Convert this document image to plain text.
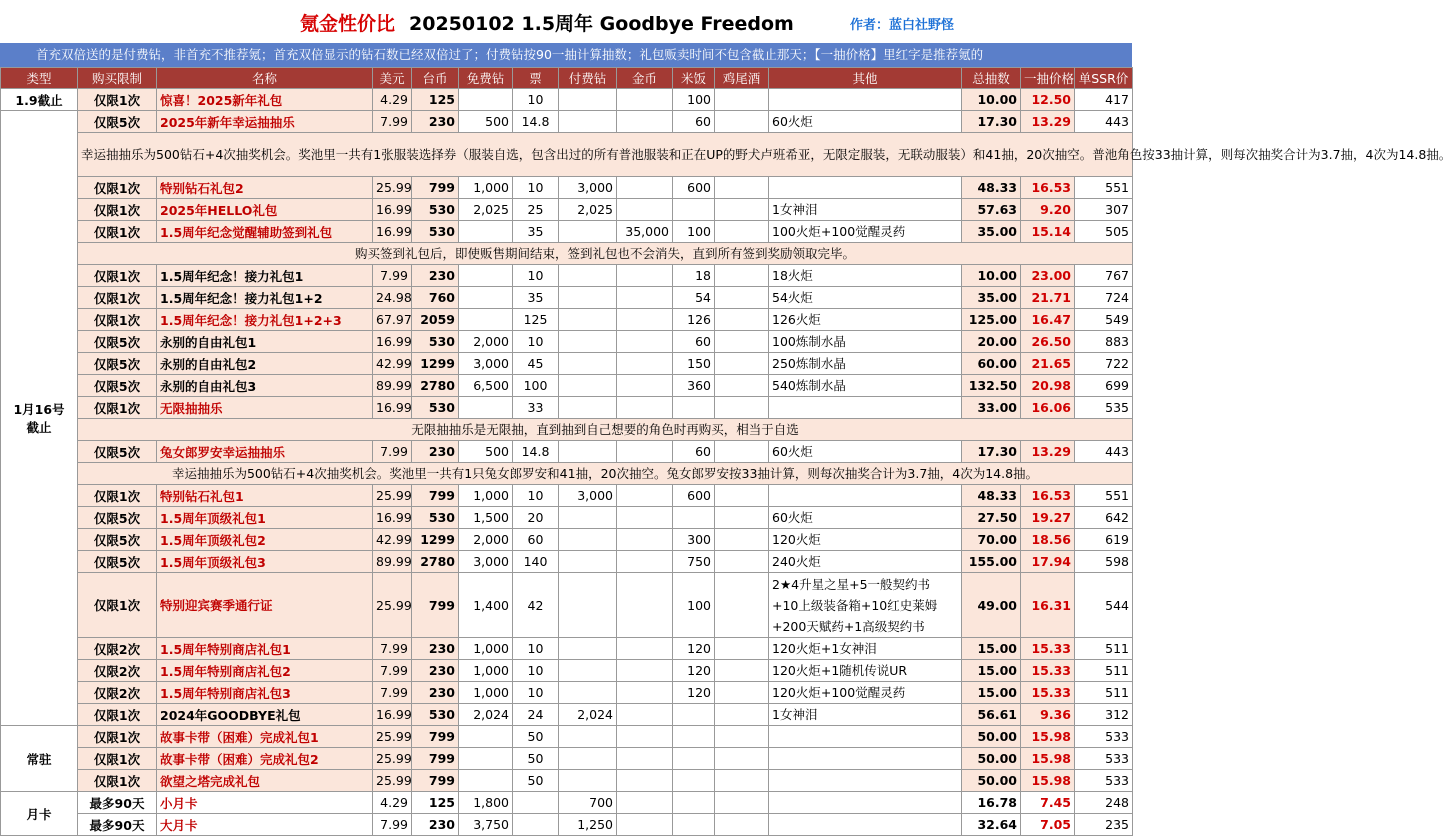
氪金性价比 20250102 1.5周年 Goodbye Freedom	作者：蓝白社野怪
首充双倍送的是付费钻，非首充不推荐氪；首充双倍显示的钻石数已经双倍过了；付费钻按90一抽计算抽数；礼包贩卖时间不包含截止那天；【一抽价格】里红字是推荐氪的
类型	购买限制	名称	美元	台币	免费钻	票	付费钻	金币	米饭	鸡尾酒	其他	总抽数	一抽价格	单SSR价
1.9截止	仅限1次	惊喜！2025新年礼包	4.29	125		10			100			10.00	12.50	417
1月16号
截止	仅限5次	2025年新年幸运抽抽乐	7.99	230	500	14.8			60		60火炬	17.30	13.29	443
	幸运抽抽乐为500钻石+4次抽奖机会。奖池里一共有1张服装选择券（服装自选，包含出过的所有普池服装和正在UP的野犬卢班希亚，无限定服装，无联动服装）和41抽，20次抽空。普池角色按33抽计算，则每次抽奖合计为3.7抽，4次为14.8抽。													
	仅限1次	特别钻石礼包2	25.99	799	1,000	10	3,000		600			48.33	16.53	551
	仅限1次	2025年HELLO礼包	16.99	530	2,025	25	2,025				1女神泪	57.63	9.20	307
	仅限1次	1.5周年纪念觉醒辅助签到礼包	16.99	530		35		35,000	100		100火炬+100觉醒灵药	35.00	15.14	505
	购买签到礼包后，即使贩售期间结束，签到礼包也不会消失，直到所有签到奖励领取完毕。													
	仅限1次	1.5周年纪念！接力礼包1	7.99	230		10			18		18火炬	10.00	23.00	767
	仅限1次	1.5周年纪念！接力礼包1+2	24.98	760		35			54		54火炬	35.00	21.71	724
	仅限1次	1.5周年纪念！接力礼包1+2+3	67.97	2059		125			126		126火炬	125.00	16.47	549
	仅限5次	永别的自由礼包1	16.99	530	2,000	10			60		100炼制水晶	20.00	26.50	883
	仅限5次	永别的自由礼包2	42.99	1299	3,000	45			150		250炼制水晶	60.00	21.65	722
	仅限5次	永别的自由礼包3	89.99	2780	6,500	100			360		540炼制水晶	132.50	20.98	699
	仅限1次	无限抽抽乐	16.99	530		33						33.00	16.06	535
	无限抽抽乐是无限抽，直到抽到自己想要的角色时再购买，相当于自选													
	仅限5次	兔女郎罗安幸运抽抽乐	7.99	230	500	14.8			60		60火炬	17.30	13.29	443
	幸运抽抽乐为500钻石+4次抽奖机会。奖池里一共有1只兔女郎罗安和41抽，20次抽空。兔女郎罗安按33抽计算，则每次抽奖合计为3.7抽，4次为14.8抽。													
	仅限1次	特别钻石礼包1	25.99	799	1,000	10	3,000		600			48.33	16.53	551
	仅限5次	1.5周年顶级礼包1	16.99	530	1,500	20					60火炬	27.50	19.27	642
	仅限5次	1.5周年顶级礼包2	42.99	1299	2,000	60			300		120火炬	70.00	18.56	619
	仅限5次	1.5周年顶级礼包3	89.99	2780	3,000	140			750		240火炬	155.00	17.94	598
	仅限1次	特别迎宾赛季通行证	25.99	799	1,400	42			100		2★4升星之星+5一般契约书
+10上级装备箱+10红史莱姆
+200天赋药+1高级契约书	49.00	16.31	544
	仅限2次	1.5周年特别商店礼包1	7.99	230	1,000	10			120		120火炬+1女神泪	15.00	15.33	511
	仅限2次	1.5周年特别商店礼包2	7.99	230	1,000	10			120		120火炬+1随机传说UR	15.00	15.33	511
	仅限2次	1.5周年特别商店礼包3	7.99	230	1,000	10			120		120火炬+100觉醒灵药	15.00	15.33	511
	仅限1次	2024年GOODBYE礼包	16.99	530	2,024	24	2,024				1女神泪	56.61	9.36	312
常驻	仅限1次	故事卡带（困难）完成礼包1	25.99	799		50						50.00	15.98	533
	仅限1次	故事卡带（困难）完成礼包2	25.99	799		50						50.00	15.98	533
	仅限1次	欲望之塔完成礼包	25.99	799		50						50.00	15.98	533
月卡	最多90天	小月卡	4.29	125	1,800		700					16.78	7.45	248
	最多90天	大月卡	7.99	230	3,750		1,250					32.64	7.05	235
